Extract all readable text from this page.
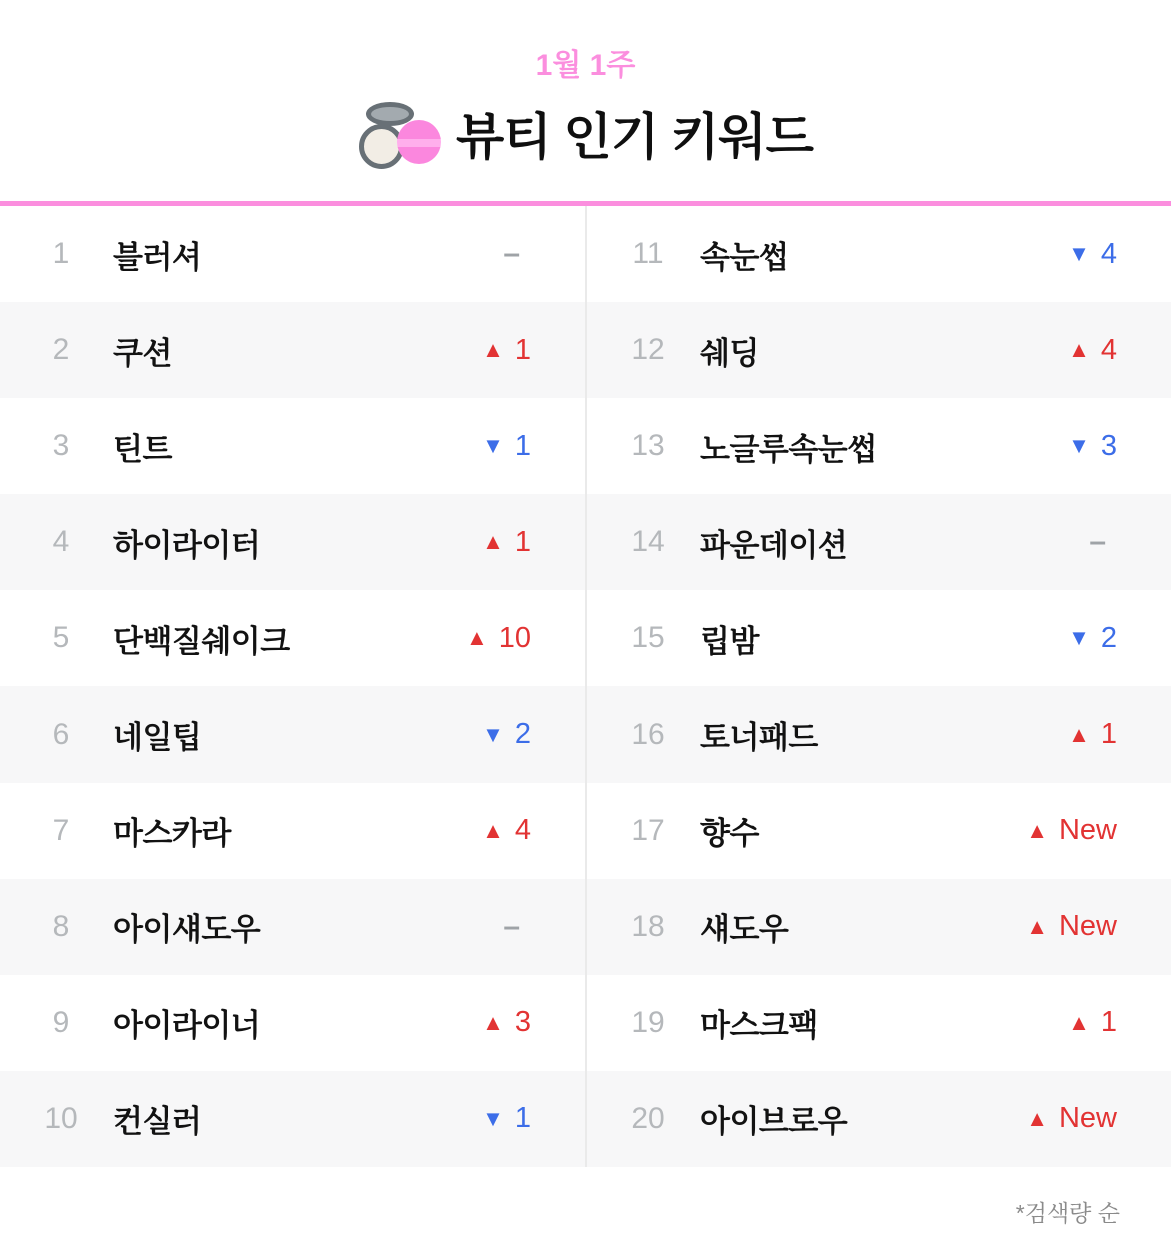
1월 1주
뷰티 인기 키워드
1	블러셔	–
2	쿠션	▲ 1
3	틴트	▼ 1
4	하이라이터	▲ 1
5	단백질쉐이크	▲ 10
6	네일팁	▼ 2
7	마스카라	▲ 4
8	아이섀도우	–
9	아이라이너	▲ 3
10	컨실러	▼ 1
11	속눈썹	▼ 4
12	쉐딩	▲ 4
13	노글루속눈썹	▼ 3
14	파운데이션	–
15	립밤	▼ 2
16	토너패드	▲ 1
17	향수	▲ New
18	섀도우	▲ New
19	마스크팩	▲ 1
20	아이브로우	▲ New
*검색량 순
